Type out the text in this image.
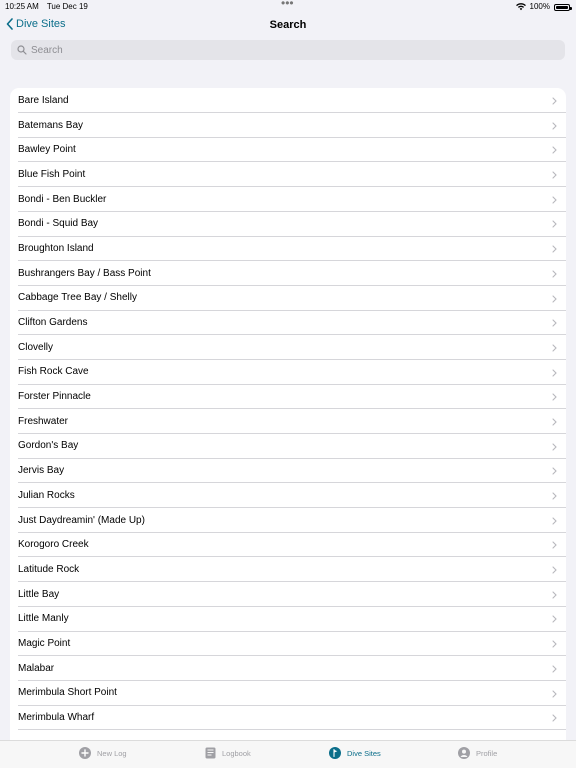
10:25 AM Tue Dec 19	•••	100%
Dive Sites	Search
Search
Bare Island
Batemans Bay
Bawley Point
Blue Fish Point
Bondi - Ben Buckler
Bondi - Squid Bay
Broughton Island
Bushrangers Bay / Bass Point
Cabbage Tree Bay / Shelly
Clifton Gardens
Clovelly
Fish Rock Cave
Forster Pinnacle
Freshwater
Gordon's Bay
Jervis Bay
Julian Rocks
Just Daydreamin' (Made Up)
Korogoro Creek
Latitude Rock
Little Bay
Little Manly
Magic Point
Malabar
Merimbula Short Point
Merimbula Wharf
New Log	Logbook	Dive Sites	Profile
